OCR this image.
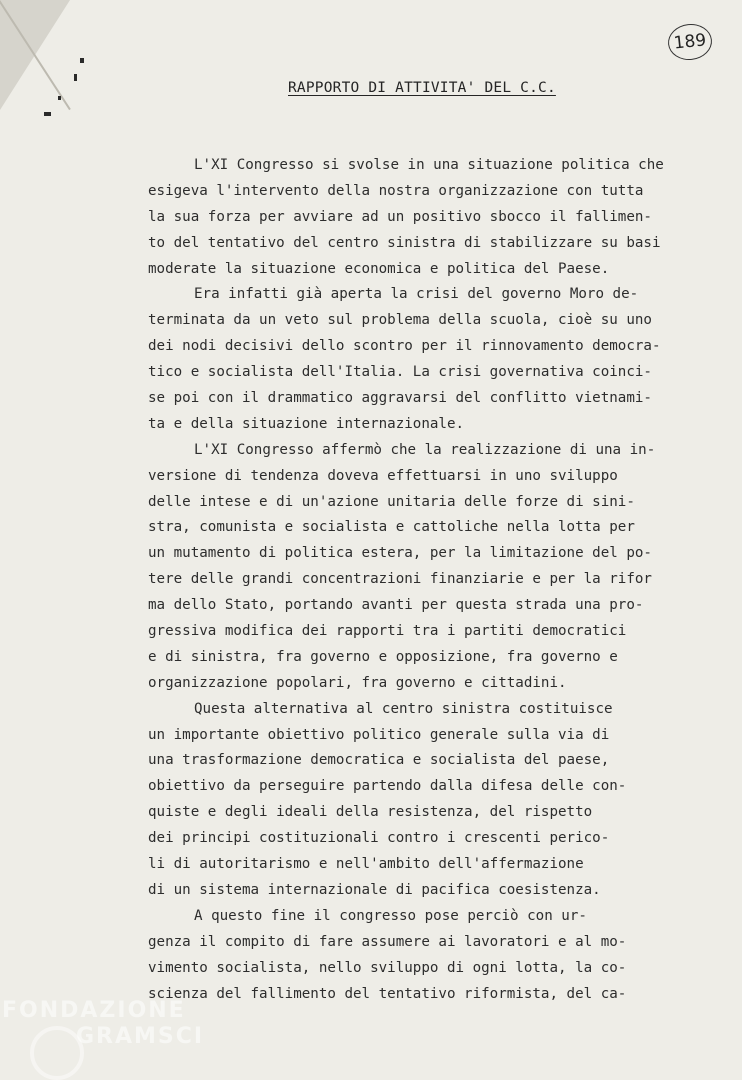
189
RAPPORTO DI ATTIVITA' DEL C.C.
L'XI Congresso si svolse in una situazione politica che
esigeva l'intervento della nostra organizzazione con tutta
la sua forza per avviare ad un positivo sbocco il fallimen-
to del tentativo del centro sinistra di stabilizzare su basi
moderate la situazione economica e politica del Paese.
Era infatti già aperta la crisi del governo Moro de-
terminata da un veto sul problema della scuola, cioè su uno
dei nodi decisivi dello scontro per il rinnovamento democra-
tico e socialista dell'Italia. La crisi governativa coinci-
se poi con il drammatico aggravarsi del conflitto vietnami-
ta e della situazione internazionale.
L'XI Congresso affermò che la realizzazione di una in-
versione di tendenza doveva effettuarsi in uno sviluppo
delle intese e di un'azione unitaria delle forze di sini-
stra, comunista e socialista e cattoliche nella lotta per
un mutamento di politica estera, per la limitazione del po-
tere delle grandi concentrazioni finanziarie e per la rifor
ma dello Stato, portando avanti per questa strada una pro-
gressiva modifica dei rapporti tra i partiti democratici
e di sinistra, fra governo e opposizione, fra governo e
organizzazione popolari, fra governo e cittadini.
Questa alternativa al centro sinistra costituisce
un importante obiettivo politico generale sulla via di
una trasformazione democratica e socialista del paese,
obiettivo da perseguire partendo dalla difesa delle con-
quiste e degli ideali della resistenza, del rispetto
dei principi costituzionali contro i crescenti perico-
li di autoritarismo e nell'ambito dell'affermazione
di un sistema internazionale di pacifica coesistenza.
A questo fine il congresso pose perciò con ur-
genza il compito di fare assumere ai lavoratori e al mo-
vimento socialista, nello sviluppo di ogni lotta, la co-
scienza del fallimento del tentativo riformista, del ca-
FONDAZIONE
GRAMSCI
